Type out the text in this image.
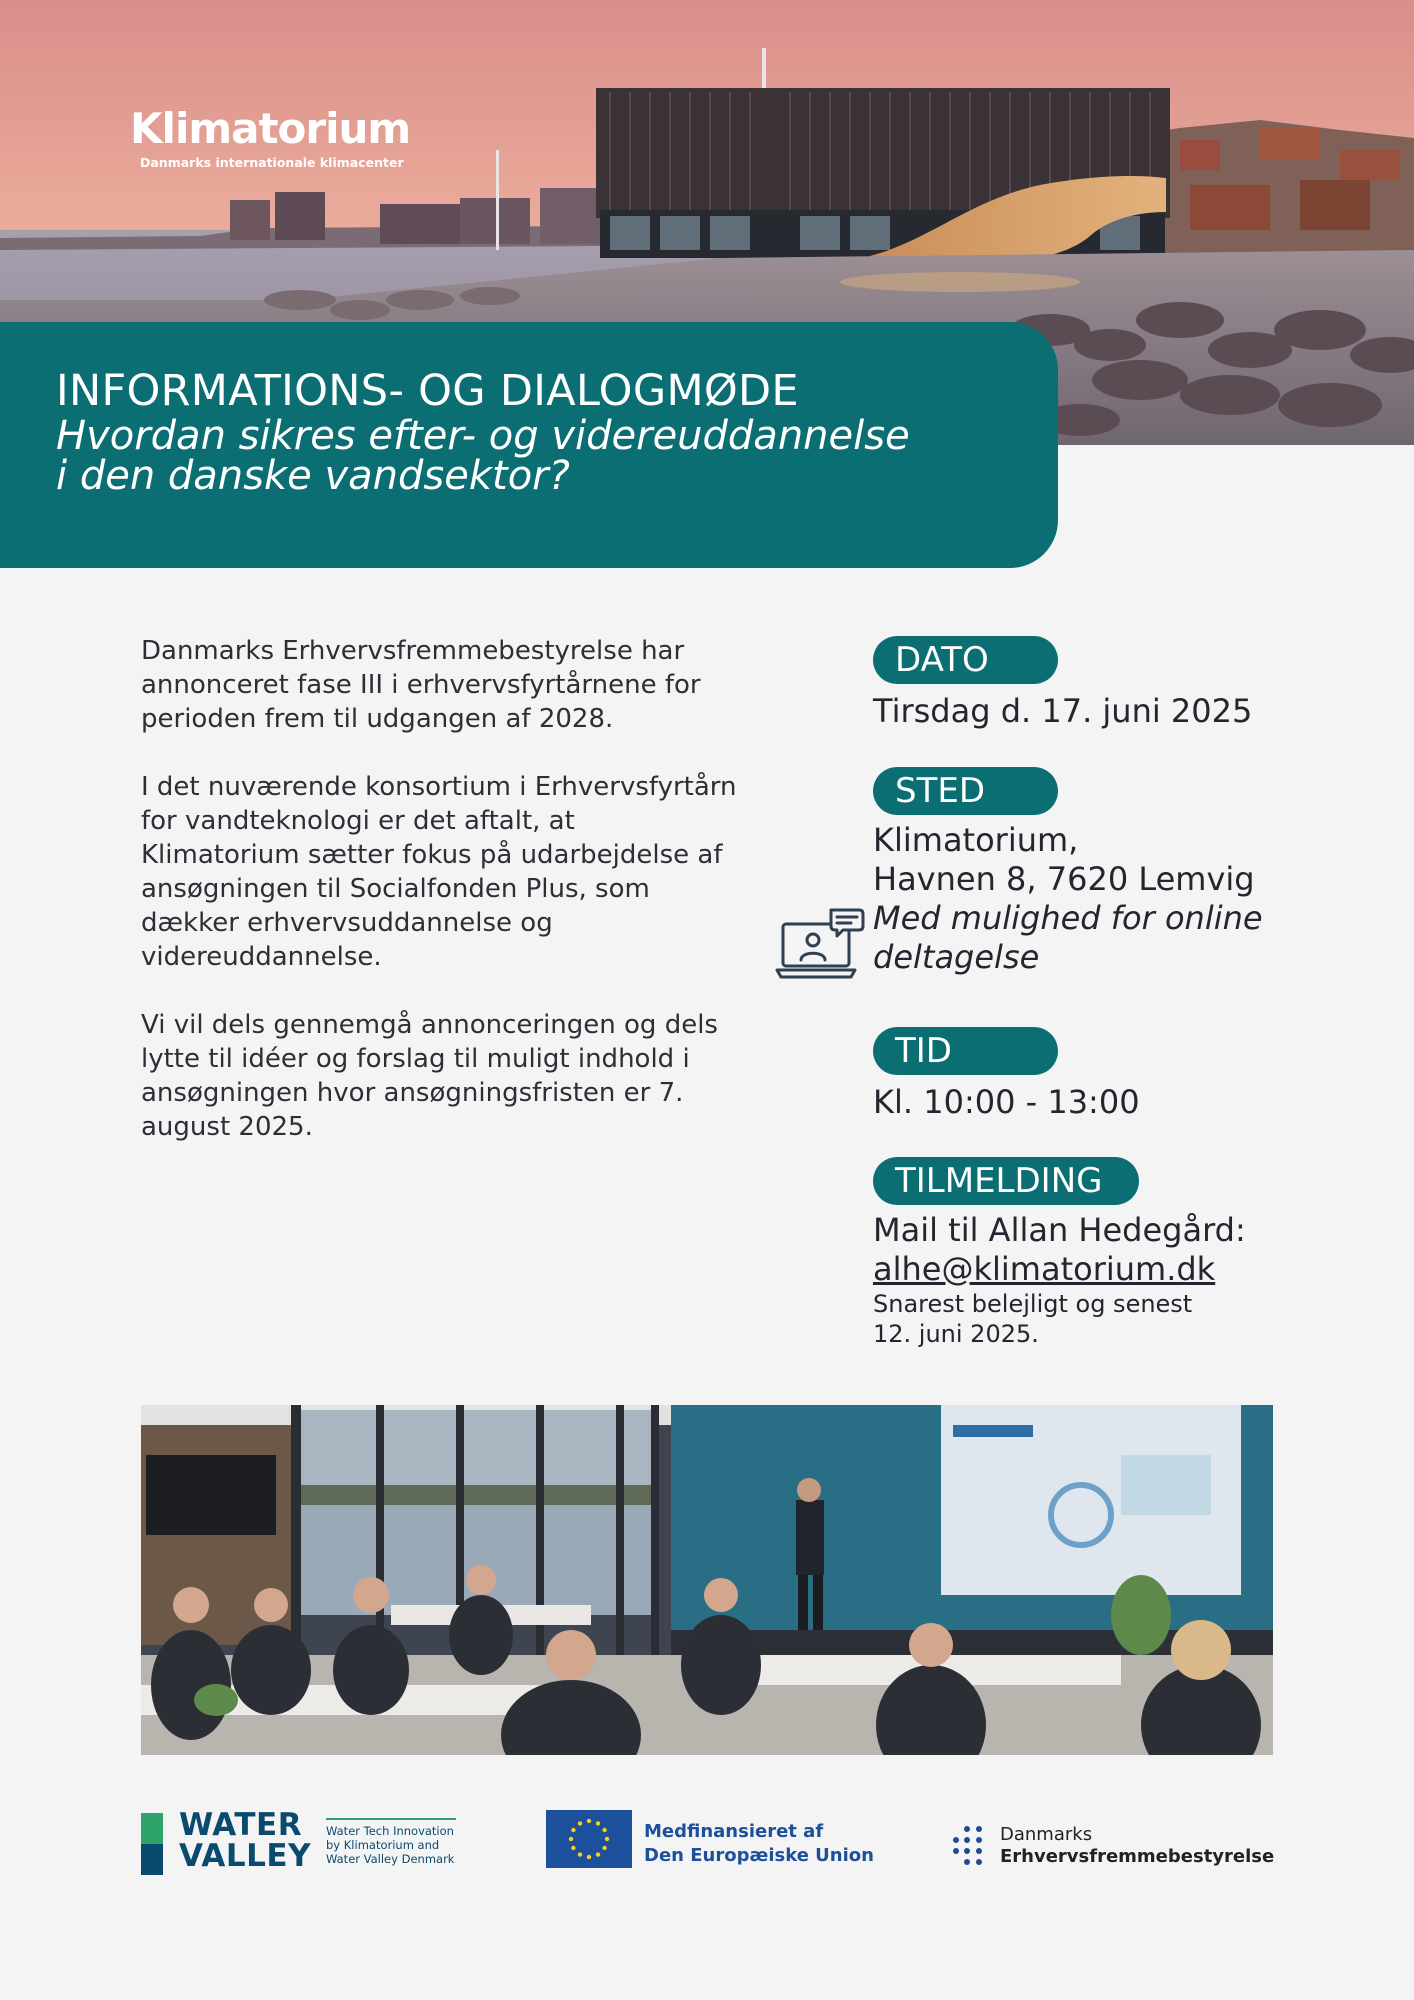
Klimatorium
Danmarks internationale klimacenter
INFORMATIONS- OG DIALOGMØDE
Hvordan sikres efter- og videreuddannelse
i den danske vandsektor?

Danmarks Erhvervsfremmebestyrelse har annonceret fase III i erhvervsfyrtårnene for perioden frem til udgangen af 2028.

I det nuværende konsortium i Erhvervsfyrtårn for vandteknologi er det aftalt, at Klimatorium sætter fokus på udarbejdelse af ansøgningen til Socialfonden Plus, som dækker erhvervsuddannelse og videreuddannelse.

Vi vil dels gennemgå annonceringen og dels lytte til idéer og forslag til muligt indhold i ansøgningen hvor ansøgningsfristen er 7. august 2025.

DATO
Tirsdag d. 17. juni 2025
STED
Klimatorium,
Havnen 8, 7620 Lemvig
Med mulighed for online
deltagelse
TID
Kl. 10:00 - 13:00
TILMELDING
Mail til Allan Hedegård:
alhe@klimatorium.dk
Snarest belejligt og senest
12. juni 2025.
WATER
VALLEY
Water Tech Innovation
by Klimatorium and
Water Valley Denmark
Medfinansieret af
Den Europæiske Union
Danmarks
Erhvervsfremmebestyrelse
